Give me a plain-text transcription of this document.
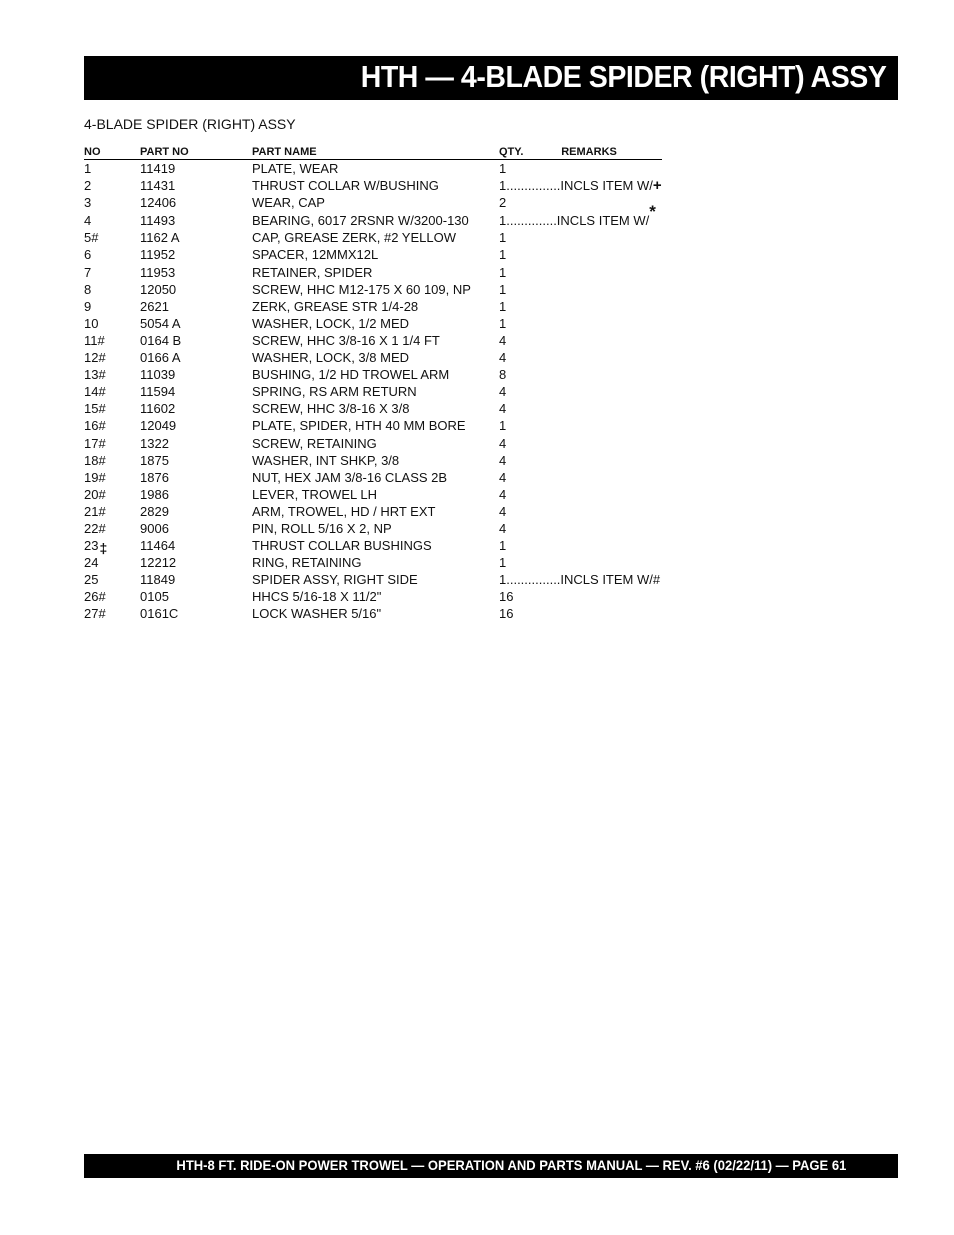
HTH — 4-BLADE SPIDER (RIGHT) ASSY
4-BLADE SPIDER (RIGHT) ASSY
NO	PART NO	PART NAME	QTY.	REMARKS
1	11419	PLATE, WEAR	1	
2	11431	THRUST COLLAR W/BUSHING	1...............INCLS ITEM W/+	
3	12406	WEAR, CAP	2	
4	11493	BEARING, 6017 2RSNR W/3200-130	1..............INCLS ITEM W/*	
5#	1162 A	CAP, GREASE ZERK, #2 YELLOW	1	
6	11952	SPACER, 12MMX12L	1	
7	11953	RETAINER, SPIDER	1	
8	12050	SCREW, HHC M12-175 X 60 109, NP	1	
9	2621	ZERK, GREASE STR 1/4-28	1	
10	5054 A	WASHER, LOCK, 1/2 MED	1	
11#	0164 B	SCREW, HHC 3/8-16 X 1 1/4 FT	4	
12#	0166 A	WASHER, LOCK, 3/8 MED	4	
13#	11039	BUSHING, 1/2 HD TROWEL ARM	8	
14#	11594	SPRING, RS ARM RETURN	4	
15#	11602	SCREW, HHC 3/8-16 X 3/8	4	
16#	12049	PLATE, SPIDER, HTH 40 MM BORE	1	
17#	1322	SCREW, RETAINING	4	
18#	1875	WASHER, INT SHKP, 3/8	4	
19#	1876	NUT, HEX JAM 3/8-16 CLASS 2B	4	
20#	1986	LEVER, TROWEL LH	4	
21#	2829	ARM, TROWEL, HD / HRT EXT	4	
22#	9006	PIN, ROLL 5/16 X 2, NP	4	
23‡	11464	THRUST COLLAR BUSHINGS	1	
24	12212	RING, RETAINING	1	
25	11849	SPIDER ASSY, RIGHT SIDE	1...............INCLS ITEM W/#	
26#	0105	HHCS 5/16-18 X 11/2"	16	
27#	0161C	LOCK WASHER 5/16"	16	
HTH-8 FT. RIDE-ON POWER TROWEL — OPERATION AND PARTS MANUAL — REV. #6 (02/22/11) — PAGE 61
